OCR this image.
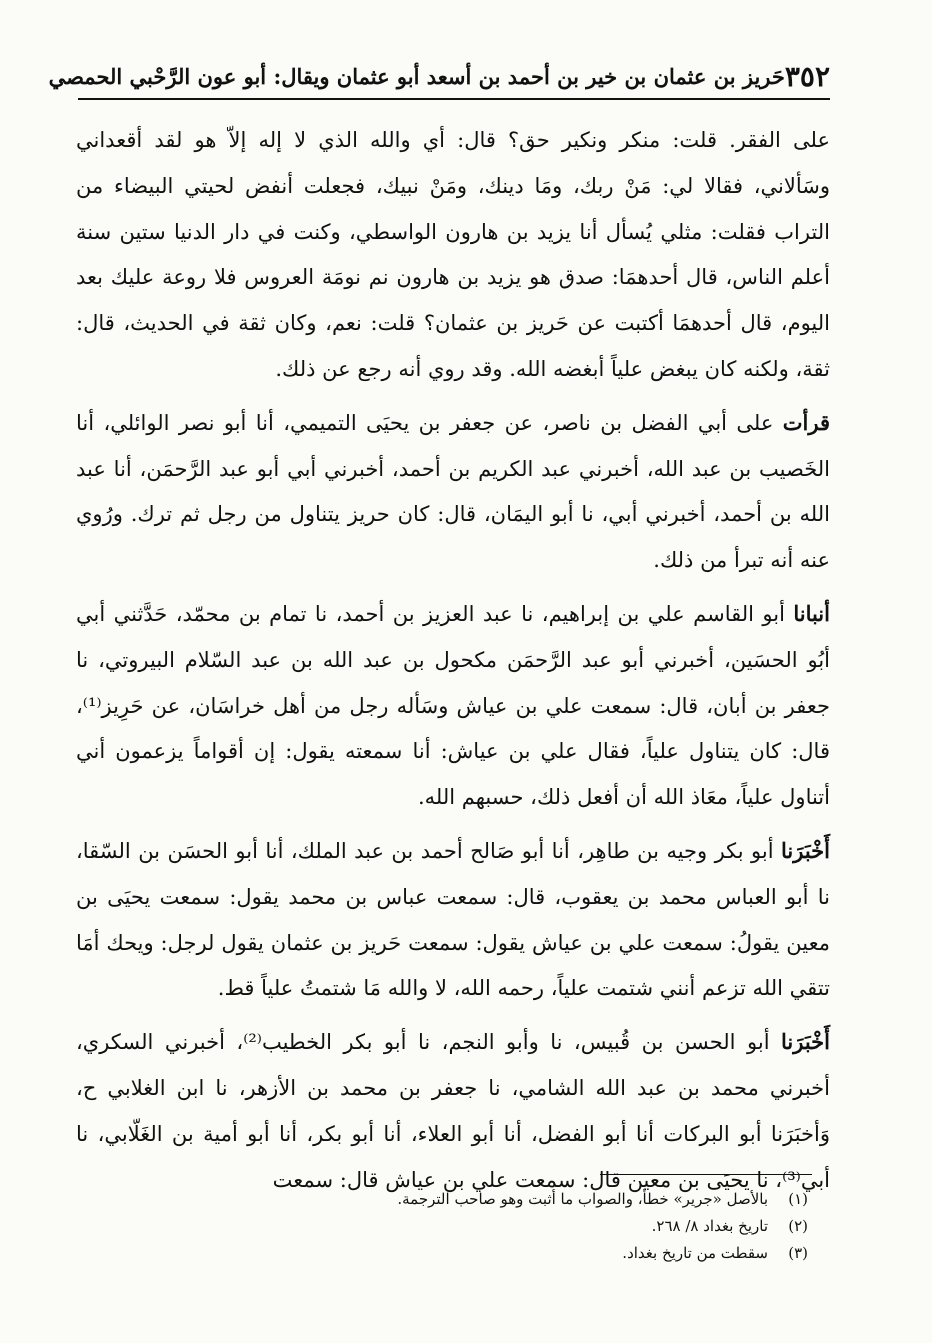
٣٥٢
حَريز بن عثمان بن خير بن أحمد بن أسعد أبو عثمان ويقال: أبو عون الرَّحْبي الحمصي

على الفقر. قلت: منكر ونكير حق؟ قال: أي والله الذي لا إله إلاّ هو لقد أقعداني وسَألاني، فقالا لي: مَنْ ربك، ومَا دينك، ومَنْ نبيك، فجعلت أنفض لحيتي البيضاء من التراب فقلت: مثلي يُسأل أنا يزيد بن هارون الواسطي، وكنت في دار الدنيا ستين سنة أعلم الناس، قال أحدهمَا: صدق هو يزيد بن هارون نم نومَة العروس فلا روعة عليك بعد اليوم، قال أحدهمَا أكتبت عن حَريز بن عثمان؟ قلت: نعم، وكان ثقة في الحديث، قال: ثقة، ولكنه كان يبغض علياً أبغضه الله. وقد روي أنه رجع عن ذلك.

قرأت على أبي الفضل بن ناصر، عن جعفر بن يحيَى التميمي، أنا أبو نصر الوائلي، أنا الخَصيب بن عبد الله، أخبرني عبد الكريم بن أحمد، أخبرني أبي أبو عبد الرَّحمَن، أنا عبد الله بن أحمد، أخبرني أبي، نا أبو اليمَان، قال: كان حريز يتناول من رجل ثم ترك. ورُوي عنه أنه تبرأ من ذلك.

أنبانا أبو القاسم علي بن إبراهيم، نا عبد العزيز بن أحمد، نا تمام بن محمّد، حَدَّثني أبي أبُو الحسَين، أخبرني أبو عبد الرَّحمَن مكحول بن عبد الله بن عبد السّلام البيروتي، نا جعفر بن أبان، قال: سمعت علي بن عياش وسَأله رجل من أهل خراسَان، عن حَرِيز⁽¹⁾، قال: كان يتناول علياً، فقال علي بن عياش: أنا سمعته يقول: إن أقواماً يزعمون أني أتناول علياً، معَاذ الله أن أفعل ذلك، حسبهم الله.

أَخْبَرَنا أبو بكر وجيه بن طاهِر، أنا أبو صَالح أحمد بن عبد الملك، أنا أبو الحسَن بن السّقا، نا أبو العباس محمد بن يعقوب، قال: سمعت عباس بن محمد يقول: سمعت يحيَى بن معين يقولُ: سمعت علي بن عياش يقول: سمعت حَريز بن عثمان يقول لرجل: ويحك أمَا تتقي الله تزعم أنني شتمت علياً، رحمه الله، لا والله مَا شتمتُ علياً قط.

أَخْبَرَنا أبو الحسن بن قُبيس، نا وأبو النجم، نا أبو بكر الخطيب⁽²⁾، أخبرني السكري، أخبرني محمد بن عبد الله الشامي، نا جعفر بن محمد بن الأزهر، نا ابن الغلابي ح، وَأخبَرَنا أبو البركات أنا أبو الفضل، أنا أبو العلاء، أنا أبو بكر، أنا أبو أمية بن الغَلّابي، نا أبي⁽³⁾، نا يحيَى بن معين قال: سمعت علي بن عياش قال: سمعت

(١)بالأصل «جرير» خطأ، والصواب ما أثبت وهو صاحب الترجمة.
(٢)تاريخ بغداد ٨/ ٢٦٨.
(٣)سقطت من تاريخ بغداد.
